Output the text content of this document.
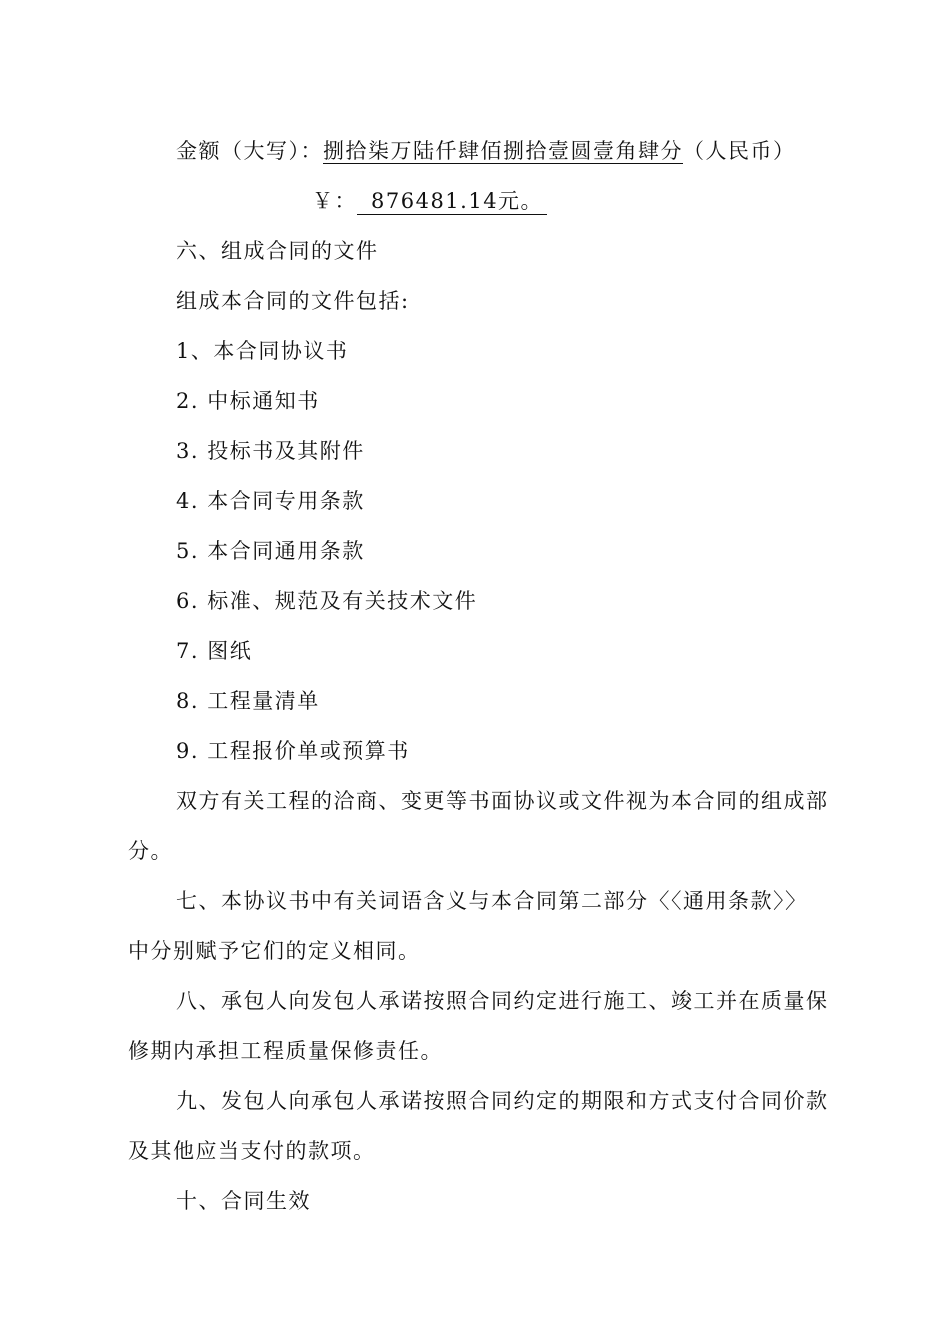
金额（大写）：捌拾柒万陆仟肆佰捌拾壹圆壹角肆分（人民币）
￥： 876481.14元。
六、组成合同的文件
组成本合同的文件包括:
1、本合同协议书
2. 中标通知书
3. 投标书及其附件
4. 本合同专用条款
5. 本合同通用条款
6. 标准、规范及有关技术文件
7. 图纸
8. 工程量清单
9. 工程报价单或预算书
双方有关工程的洽商、变更等书面协议或文件视为本合同的组成部
分。
七、本协议书中有关词语含义与本合同第二部分〈〈通用条款〉〉
中分别赋予它们的定义相同。
八、承包人向发包人承诺按照合同约定进行施工、竣工并在质量保
修期内承担工程质量保修责任。
九、发包人向承包人承诺按照合同约定的期限和方式支付合同价款
及其他应当支付的款项。
十、合同生效
